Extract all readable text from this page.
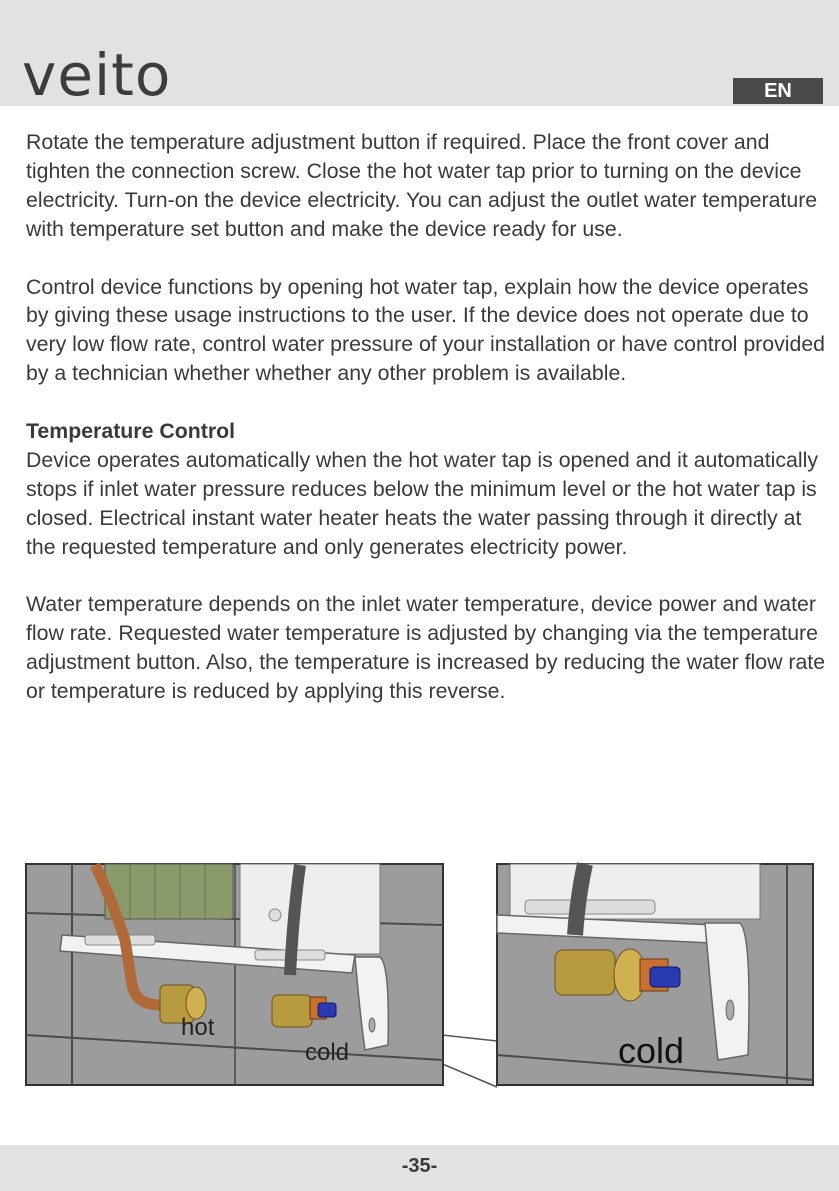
veito	EN

Rotate the temperature adjustment button if required. Place the front cover and tighten the connection screw. Close the hot water tap prior to turning on the device electricity. Turn-on the device electricity. You can adjust the outlet water temperature with temperature set button and make the device ready for use.

Control device functions by opening hot water tap, explain how the device operates by giving these usage instructions to the user. If the device does not operate due to very low flow rate, control water pressure of your installation or have control provided by a technician whether whether any other problem is available.

Temperature Control
Device operates automatically when the hot water tap is opened and it automatically stops if inlet water pressure reduces below the minimum level or the hot water tap is closed. Electrical instant water heater heats the water passing through it directly at the requested temperature and only generates electricity power.

Water temperature depends on the inlet water temperature, device power and water flow rate. Requested water temperature is adjusted by changing via the temperature adjustment button. Also, the temperature is increased by reducing the water flow rate or temperature is reduced by applying this reverse.

hot
cold	cold
-35-
